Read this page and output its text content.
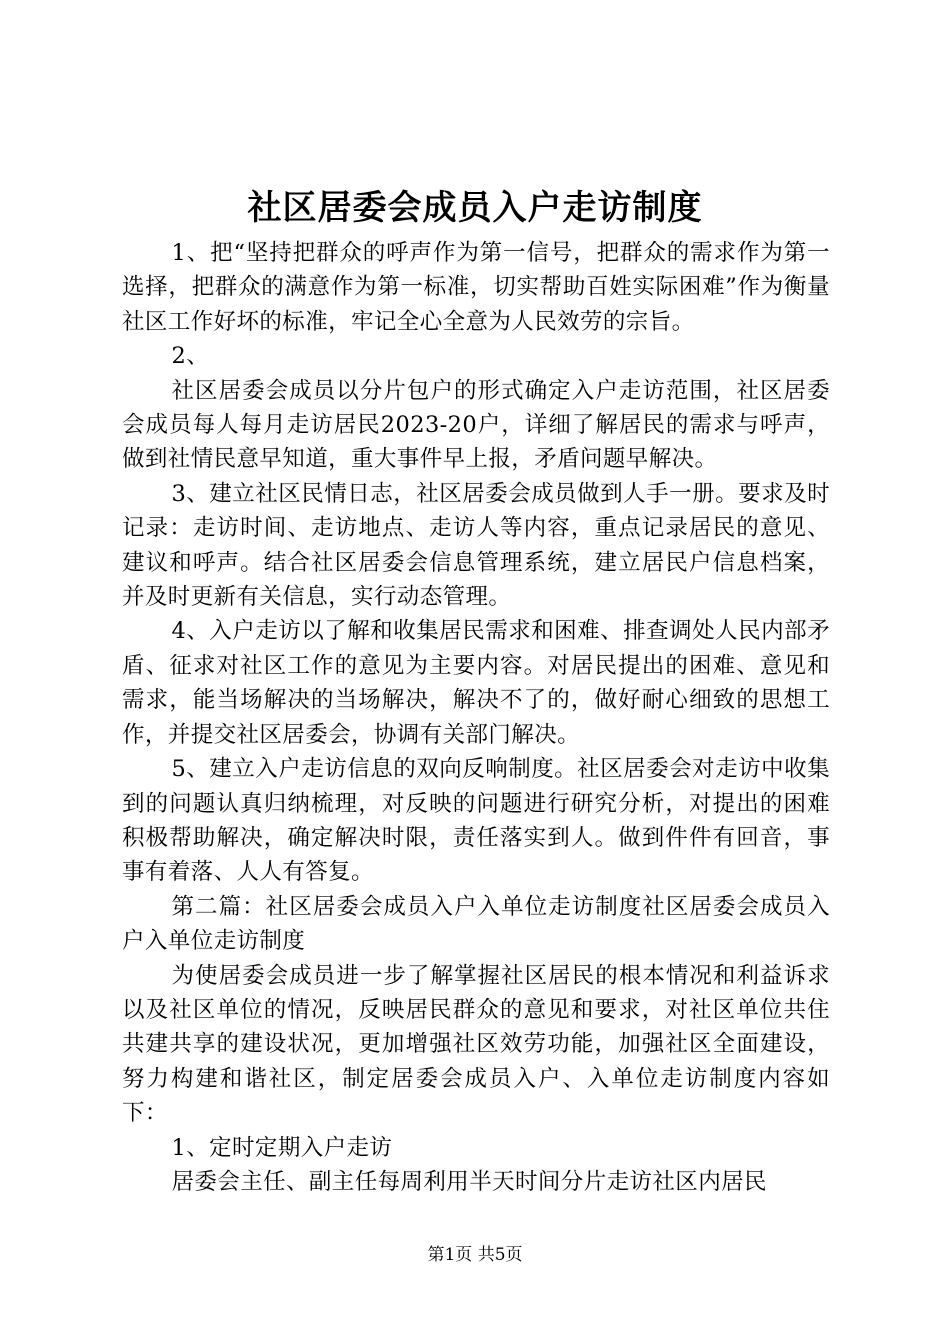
社区居委会成员入户走访制度

1、把“坚持把群众的呼声作为第一信号，把群众的需求作为第一选择，把群众的满意作为第一标准，切实帮助百姓实际困难”作为衡量社区工作好坏的标准，牢记全心全意为人民效劳的宗旨。

2、

社区居委会成员以分片包户的形式确定入户走访范围，社区居委会成员每人每月走访居民2023-20户，详细了解居民的需求与呼声，做到社情民意早知道，重大事件早上报，矛盾问题早解决。

3、建立社区民情日志，社区居委会成员做到人手一册。要求及时记录：走访时间、走访地点、走访人等内容，重点记录居民的意见、建议和呼声。结合社区居委会信息管理系统，建立居民户信息档案，并及时更新有关信息，实行动态管理。

4、入户走访以了解和收集居民需求和困难、排查调处人民内部矛盾、征求对社区工作的意见为主要内容。对居民提出的困难、意见和需求，能当场解决的当场解决，解决不了的，做好耐心细致的思想工作，并提交社区居委会，协调有关部门解决。

5、建立入户走访信息的双向反响制度。社区居委会对走访中收集到的问题认真归纳梳理，对反映的问题进行研究分析，对提出的困难积极帮助解决，确定解决时限，责任落实到人。做到件件有回音，事事有着落、人人有答复。

第二篇：社区居委会成员入户入单位走访制度社区居委会成员入户入单位走访制度

为使居委会成员进一步了解掌握社区居民的根本情况和利益诉求以及社区单位的情况，反映居民群众的意见和要求，对社区单位共住共建共享的建设状况，更加增强社区效劳功能，加强社区全面建设，努力构建和谐社区，制定居委会成员入户、入单位走访制度内容如下：

1、定时定期入户走访

居委会主任、副主任每周利用半天时间分片走访社区内居民

第1页 共5页
